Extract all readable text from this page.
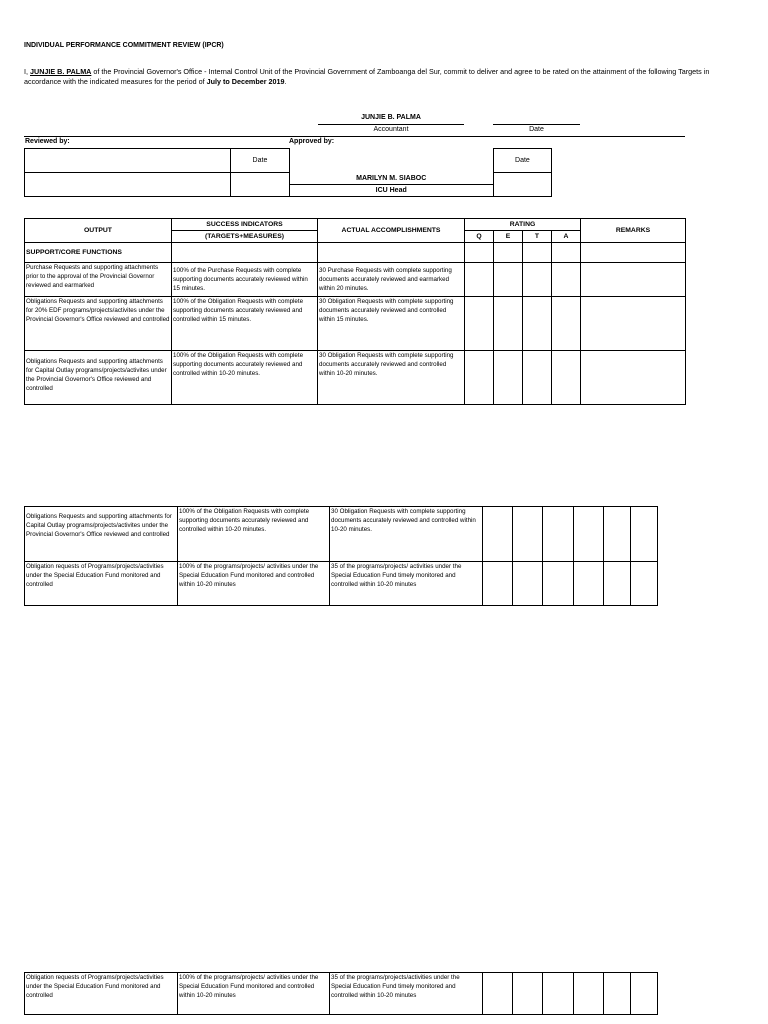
INDIVIDUAL PERFORMANCE COMMITMENT REVIEW (IPCR)
I, JUNJIE B. PALMA of the Provincial Governor's Office - Internal Control Unit of the Provincial Government of Zamboanga del Sur, commit to deliver and agree to be rated on the attainment of the following Targets in accordance with the indicated measures for the period of July to December 2019.
JUNJIE B. PALMA
Accountant	Date
Reviewed by:	Approved by:
	Date		Date
		MARILYN M. SIABOC	
		ICU Head	
OUTPUT	SUCCESS INDICATORS	ACTUAL ACCOMPLISHMENTS	RATING				REMARKS
	(TARGETS+MEASURES)		Q	E	T	A	
SUPPORT/CORE FUNCTIONS							
Purchase Requests and supporting attachments prior to the approval of the Provincial Governor reviewed and earmarked	100% of the Purchase Requests with complete supporting documents accurately reviewed within 15 minutes.	30 Purchase Requests with complete supporting documents accurately reviewed and earmarked within 20 minutes.					
Obligations Requests and supporting attachments for 20% EDF programs/projects/activites under the Provincial Governor's Office reviewed and controlled	100% of the Obligation Requests with complete supporting documents accurately reviewed and controlled within 15 minutes.	30 Obligation Requests with complete supporting documents accurately reviewed and controlled within 15 minutes.					
Obligations Requests and supporting attachments for Capital Outlay programs/projects/activites under the Provincial Governor's Office reviewed and controlled	100% of the Obligation Requests with complete supporting documents accurately reviewed and controlled within 10-20 minutes.	30 Obligation Requests with complete supporting documents accurately reviewed and controlled within 10-20 minutes.					
Obligations Requests and supporting attachments for Capital Outlay programs/projects/activites under the Provincial Governor's Office reviewed and controlled	100% of the Obligation Requests with complete supporting documents accurately reviewed and controlled within 10-20 minutes.	30 Obligation Requests with complete supporting documents accurately reviewed and controlled within 10-20 minutes.						
Obligation requests of Programs/projects/activities under the Special Education Fund monitored and controlled	100% of the programs/projects/ activities under the Special Education Fund monitored and controlled within 10-20 minutes	35 of the programs/projects/ activities under the Special Education Fund timely monitored and controlled within 10-20 minutes						
Obligation requests of Programs/projects/activities under the Special Education Fund monitored and controlled	100% of the programs/projects/ activities under the Special Education Fund monitored and controlled within 10-20 minutes	35 of the programs/projects/activities under the Special Education Fund timely monitored and controlled within 10-20 minutes						
